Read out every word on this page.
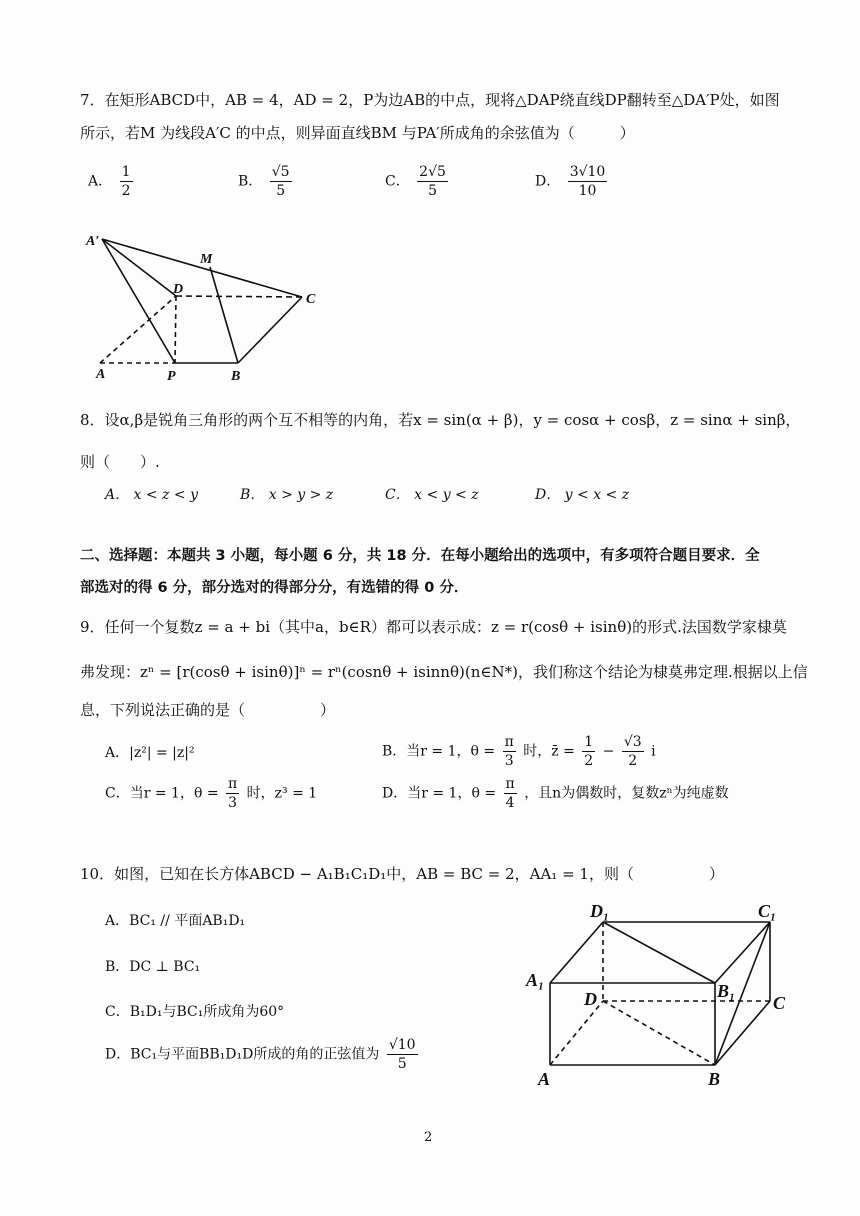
7．在矩形ABCD中，AB = 4，AD = 2，P为边AB的中点，现将△DAP绕直线DP翻转至△DA′P处，如图
所示，若M 为线段A′C 的中点，则异面直线BM 与PA′所成角的余弦值为（　　　）
A． $\frac{1}{2}$	B． $\frac{√5}{5}$	C． $\frac{2√5}{5}$	D． $\frac{3√10}{10}$
A′
M
D
C
A	P	B
8．设α,β是锐角三角形的两个互不相等的内角，若x = sin(α + β)，y = cosα + cosβ，z = sinα + sinβ，
则（　　）.
A． x < z < y	B． x > y > z	C． x < y < z	D． y < x < z
二、选择题：本题共 3 小题，每小题 6 分，共 18 分．在每小题给出的选项中，有多项符合题目要求．全
部选对的得 6 分，部分选对的得部分分，有选错的得 0 分．
9．任何一个复数z = a + bi（其中a，b∈R）都可以表示成：z = r(cosθ + isinθ)的形式.法国数学家棣莫
弗发现：zⁿ = [r(cosθ + isinθ)]ⁿ = rⁿ(cosnθ + isinnθ)(n∈N*)，我们称这个结论为棣莫弗定理.根据以上信
息，下列说法正确的是（　　　　　）
A．|z²| = |z|²	B．当r = 1，$\theta = \frac{\pi}{3}$ 时，z̄ = $\frac{1}{2} - \frac{√3}{2}$ i
C．当r = 1，$\theta = \frac{\pi}{3}$ 时，z³ = 1	D．当r = 1，$\theta = \frac{\pi}{4}$ ，且n为偶数时，复数zⁿ为纯虚数
10．如图，已知在长方体ABCD − A₁B₁C₁D₁中，AB = BC = 2，AA₁ = 1，则（　　　　　）
A．BC₁ // 平面AB₁D₁
B．DC ⊥ BC₁
C．B₁D₁与BC₁所成角为60°
D．BC₁与平面BB₁D₁D所成的角的正弦值为 $\frac{√10}{5}$
D₁	C₁
A₁
D	B₁
C
A	B
2
